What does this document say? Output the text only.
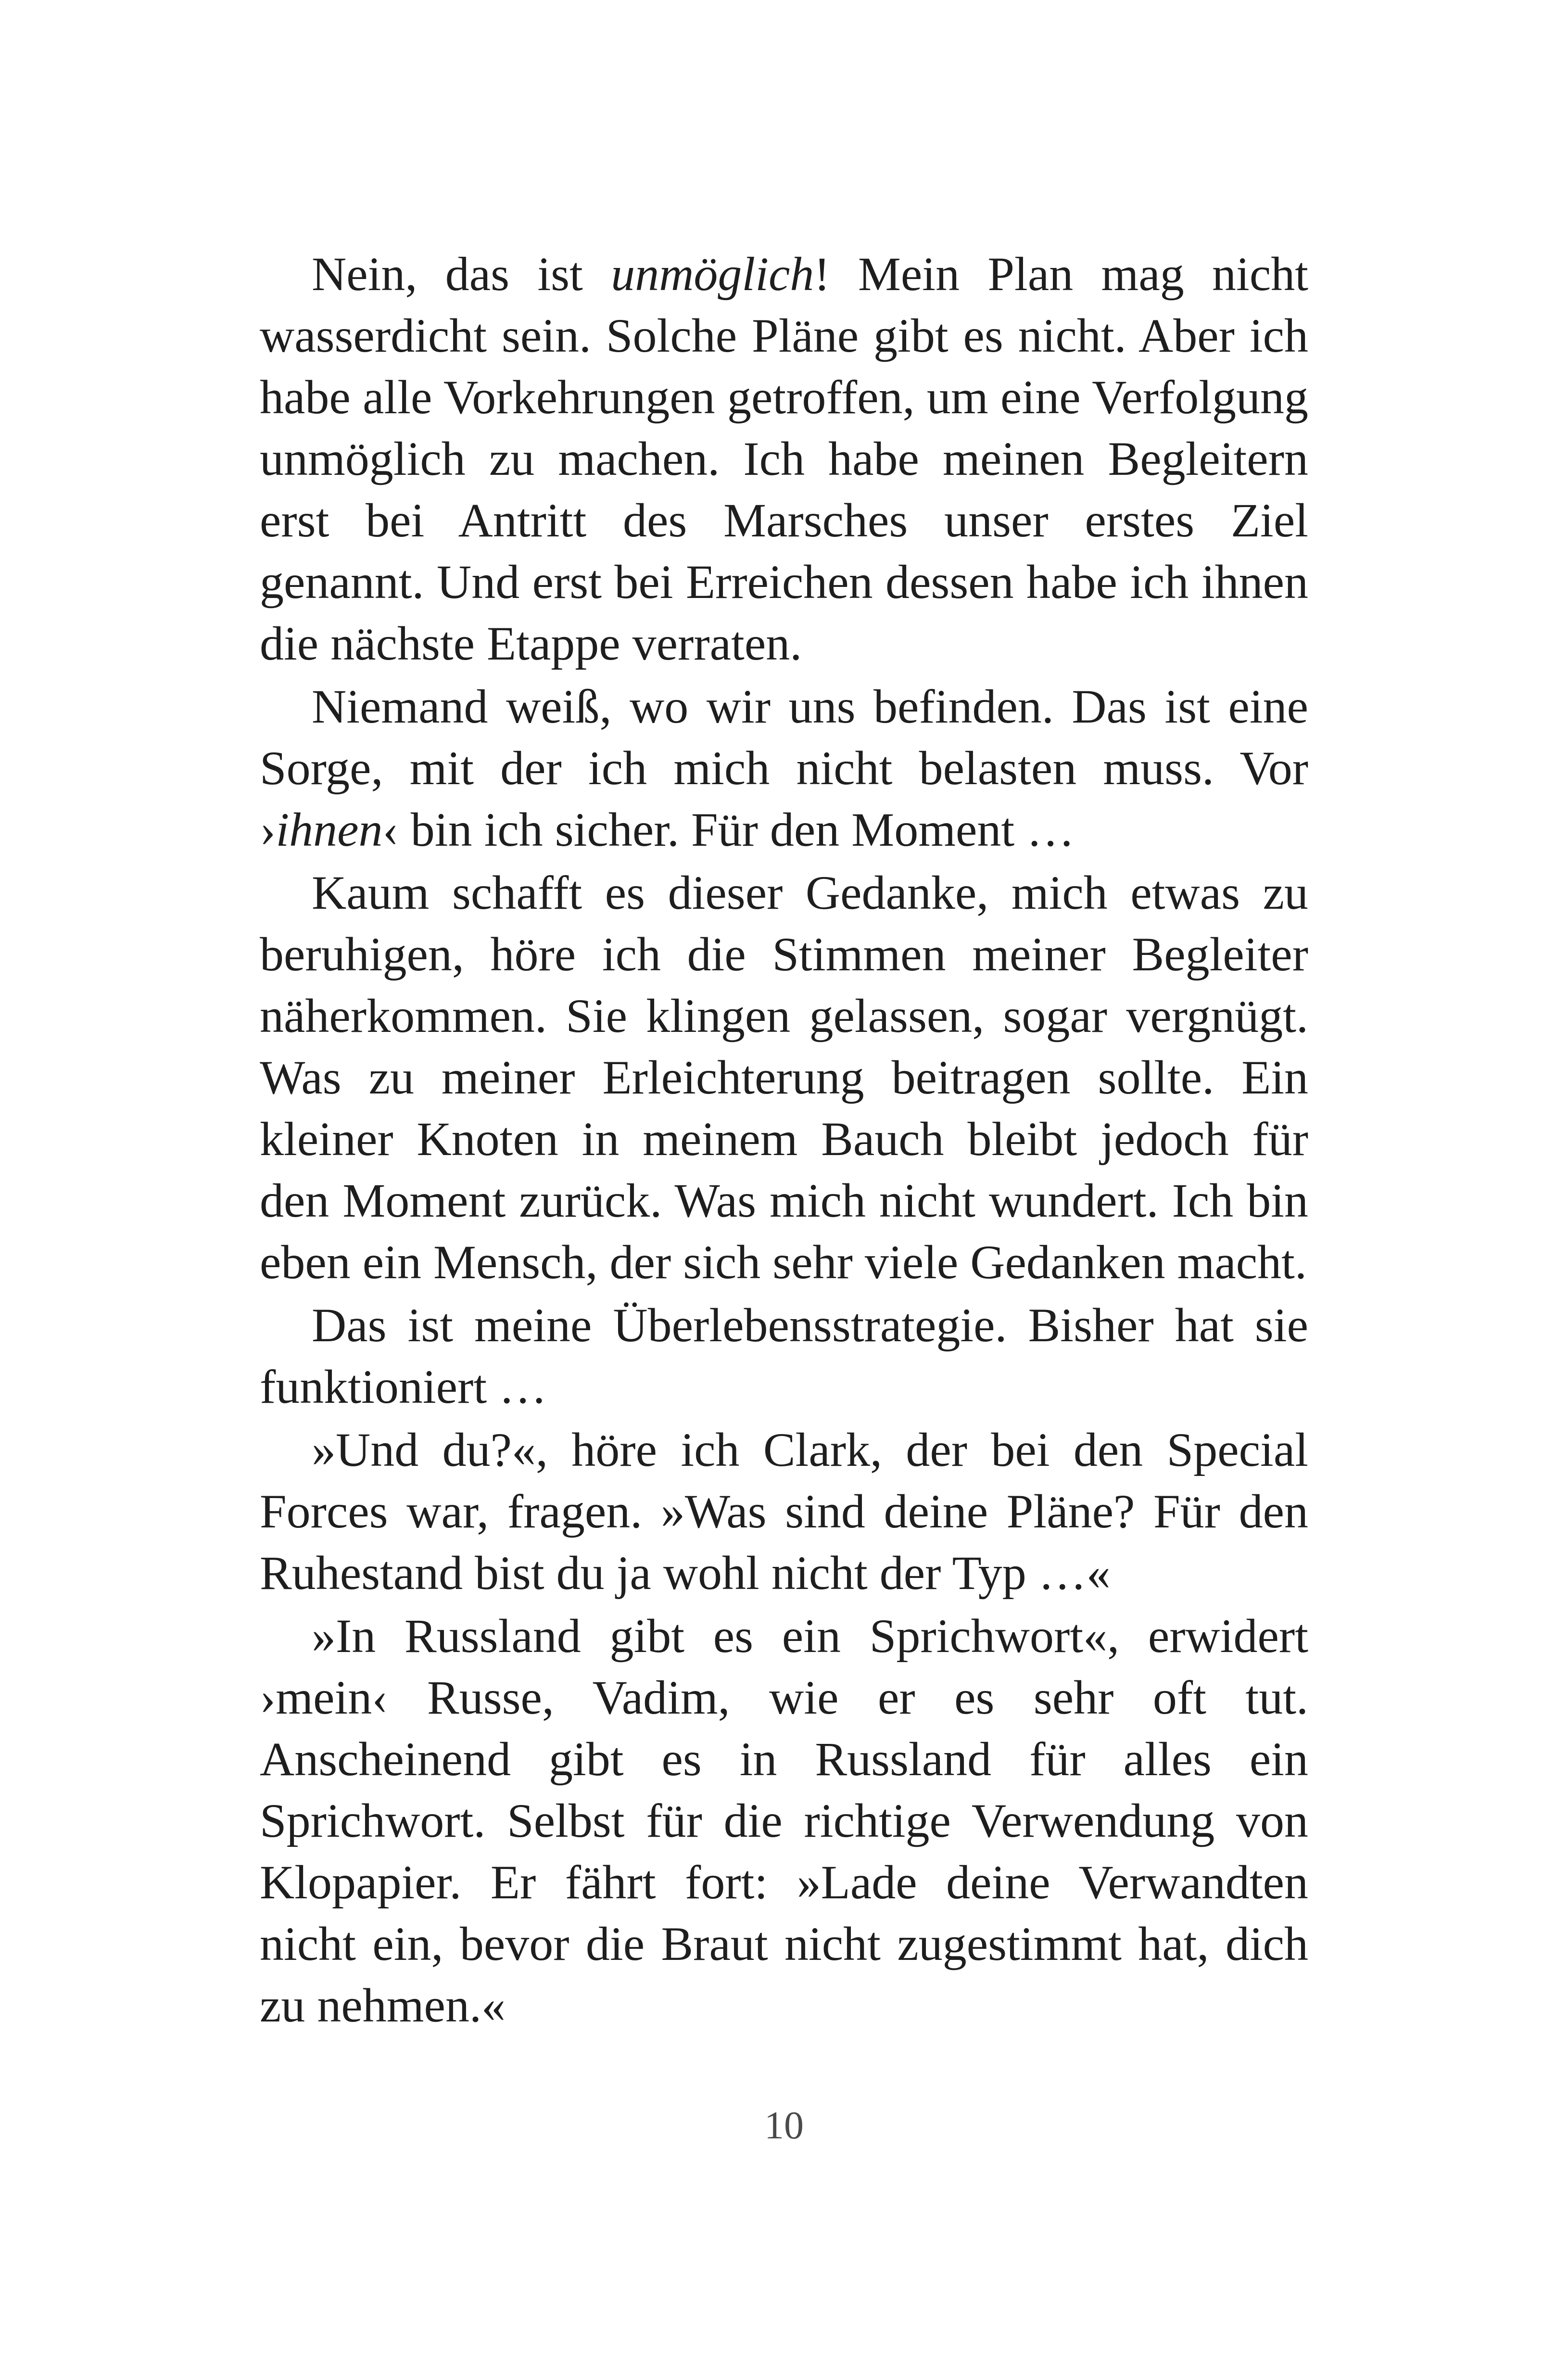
Nein, das ist unmöglich! Mein Plan mag nicht wasserdicht sein. Solche Pläne gibt es nicht. Aber ich habe alle Vorkehrungen getroffen, um eine Verfolgung unmöglich zu machen. Ich habe meinen Begleitern erst bei Antritt des Marsches unser erstes Ziel genannt. Und erst bei Erreichen dessen habe ich ihnen die nächste Etappe verraten.

Niemand weiß, wo wir uns befinden. Das ist eine Sorge, mit der ich mich nicht belasten muss. Vor ›ihnen‹ bin ich sicher. Für den Moment …

Kaum schafft es dieser Gedanke, mich etwas zu beruhigen, höre ich die Stimmen meiner Begleiter näherkommen. Sie klingen gelassen, sogar vergnügt. Was zu meiner Erleichterung beitragen sollte. Ein kleiner Knoten in meinem Bauch bleibt jedoch für den Moment zurück. Was mich nicht wundert. Ich bin eben ein Mensch, der sich sehr viele Gedanken macht.

Das ist meine Überlebensstrategie. Bisher hat sie funktioniert …

»Und du?«, höre ich Clark, der bei den Special Forces war, fragen. »Was sind deine Pläne? Für den Ruhestand bist du ja wohl nicht der Typ …«

»In Russland gibt es ein Sprichwort«, erwidert ›mein‹ Russe, Vadim, wie er es sehr oft tut. Anscheinend gibt es in Russland für alles ein Sprichwort. Selbst für die richtige Verwendung von Klopapier. Er fährt fort: »Lade deine Verwandten nicht ein, bevor die Braut nicht zugestimmt hat, dich zu nehmen.«

10
